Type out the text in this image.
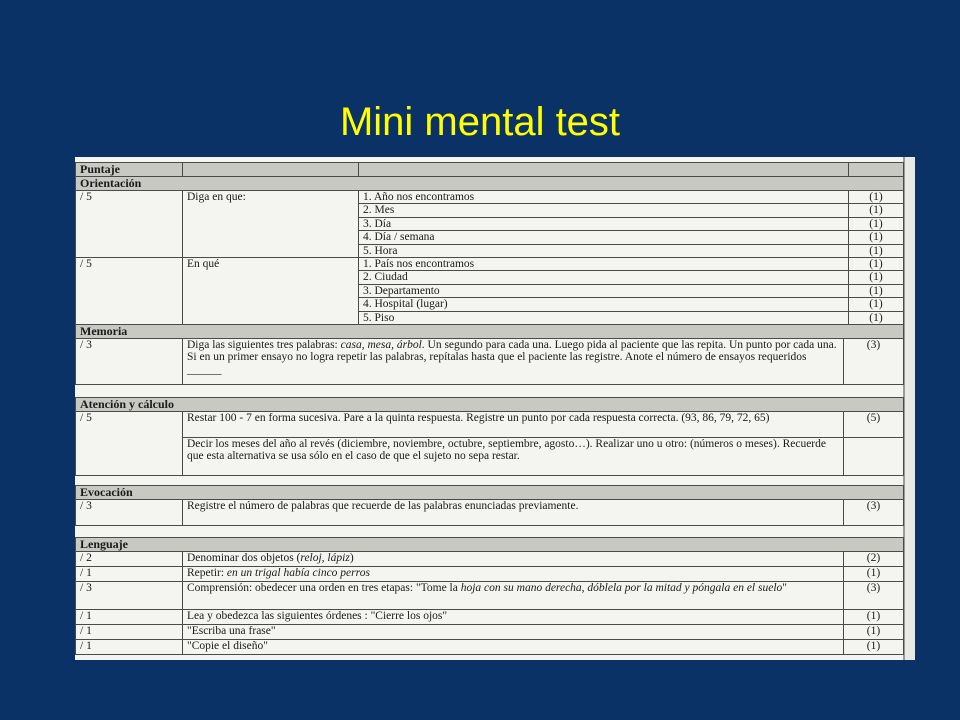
Mini mental test
Puntaje			
Orientación			
/ 5	Diga en que:	1. Año nos encontramos	(1)
		2. Mes	(1)
		3. Día	(1)
		4. Día / semana	(1)
		5. Hora	(1)
/ 5	En qué	1. País nos encontramos	(1)
		2. Ciudad	(1)
		3. Departamento	(1)
		4. Hospital (lugar)	(1)
		5. Piso	(1)
Memoria
/ 3	Diga las siguientes tres palabras: casa, mesa, árbol. Un segundo para cada una. Luego pida al paciente que las repita. Un punto por cada una. Si en un primer ensayo no logra repetir las palabras, repítalas hasta que el paciente las registre. Anote el número de ensayos requeridos ______	(3)
Atención y cálculo		
/ 5	Restar 100 - 7 en forma sucesiva. Pare a la quinta respuesta. Registre un punto por cada respuesta correcta. (93, 86, 79, 72, 65)	(5)
	Decir los meses del año al revés (diciembre, noviembre, octubre, septiembre, agosto…). Realizar uno u otro: (números o meses). Recuerde que esta alternativa se usa sólo en el caso de que el sujeto no sepa restar.	
Evocación
/ 3	Registre el número de palabras que recuerde de las palabras enunciadas previamente.	(3)
Lenguaje		
/ 2	Denominar dos objetos (reloj, lápiz)	(2)
/ 1	Repetir: en un trigal había cinco perros	(1)
/ 3	Comprensión: obedecer una orden en tres etapas: "Tome la hoja con su mano derecha, dóblela por la mitad y póngala en el suelo"	(3)
/ 1	Lea y obedezca las siguientes órdenes : "Cierre los ojos"	(1)
/ 1	"Escriba una frase"	(1)
/ 1	"Copie el diseño"	(1)
